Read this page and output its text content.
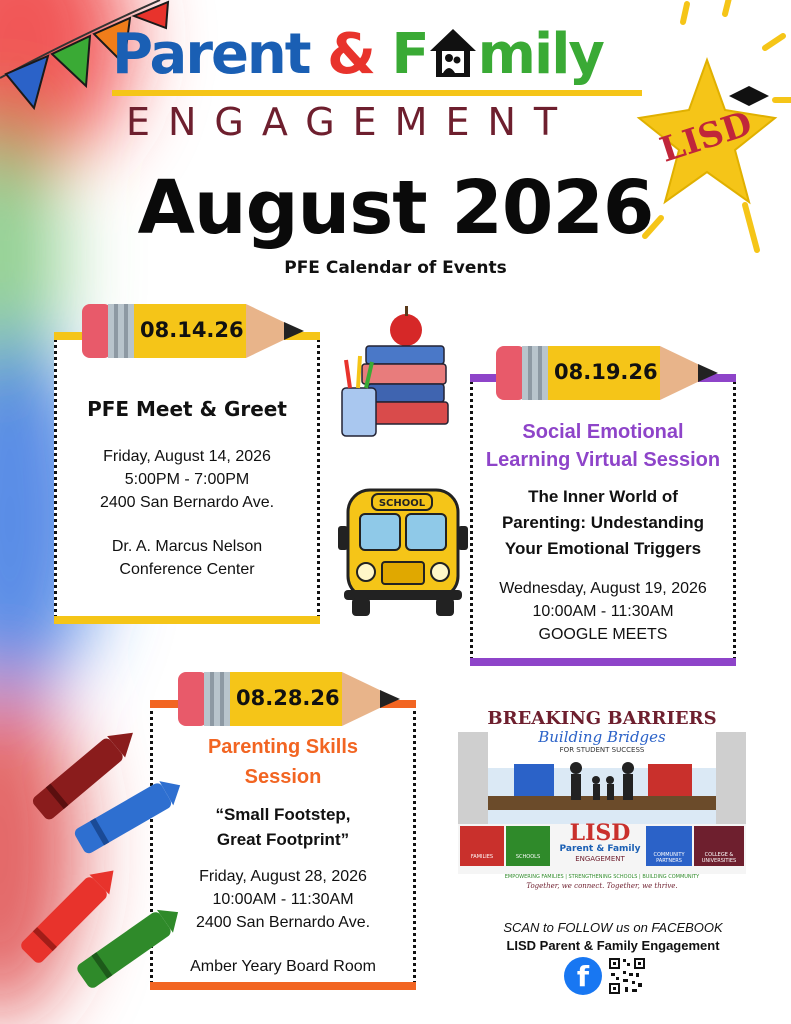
Parent & F mily
ENGAGEMENT LISD
August 2026
PFE Calendar of Events
PFE Meet & Greet
Friday, August 14, 2026
5:00PM - 7:00PM
2400 San Bernardo Ave.
Dr. A. Marcus Nelson
Conference Center
08.14.26
SCHOOL
Social Emotional
Learning Virtual Session
The Inner World of
Parenting: Undestanding
Your Emotional Triggers
Wednesday, August 19, 2026
10:00AM - 11:30AM
GOOGLE MEETS
08.19.26
Parenting Skills
Session
“Small Footstep,
Great Footprint”
Friday, August 28, 2026
10:00AM - 11:30AM
2400 San Bernardo Ave.
Amber Yeary Board Room
08.28.26
BREAKING BARRIERS
Building Bridges
FOR STUDENT SUCCESS
LISD
Parent & Family
ENGAGEMENT
FAMILIES	SCHOOLS	COMMUNITY PARTNERS
COLLEGE & UNIVERSITIES
EMPOWERING FAMILIES | STRENGTHENING SCHOOLS | BUILDING COMMUNITY
Together, we connect. Together, we thrive.
SCAN to FOLLOW us on FACEBOOK
LISD Parent & Family Engagement
f
